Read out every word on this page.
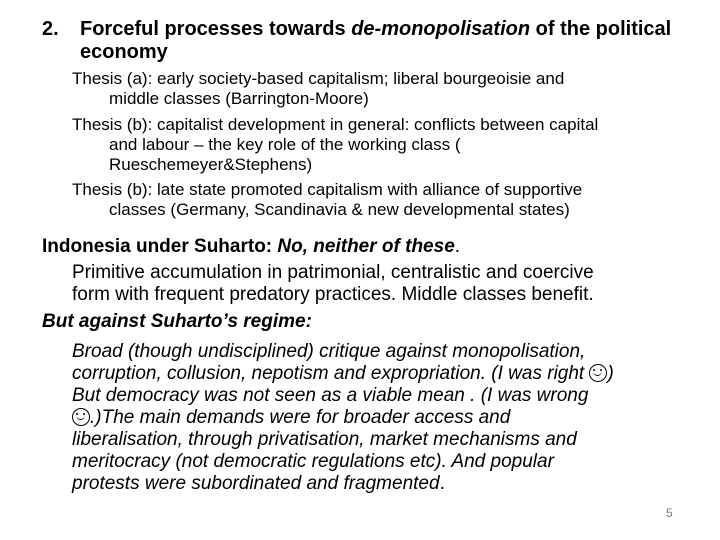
2. Forceful processes towards de-monopolisation of the political
economy
Thesis (a): early society-based capitalism; liberal bourgeoisie and
middle classes (Barrington-Moore)
Thesis (b): capitalist development in general: conflicts between capital
and labour – the key role of the working class (
Rueschemeyer&Stephens)
Thesis (b): late state promoted capitalism with alliance of supportive
classes (Germany, Scandinavia & new developmental states)
Indonesia under Suharto: No, neither of these.
Primitive accumulation in patrimonial, centralistic and coercive
form with frequent predatory practices. Middle classes benefit.
But against Suharto’s regime:
Broad (though undisciplined) critique against monopolisation,
corruption, collusion, nepotism and expropriation. (I was right )
But democracy was not seen as a viable mean . (I was wrong
.)The main demands were for broader access and
liberalisation, through privatisation, market mechanisms and
meritocracy (not democratic regulations etc). And popular
protests were subordinated and fragmented.
5
